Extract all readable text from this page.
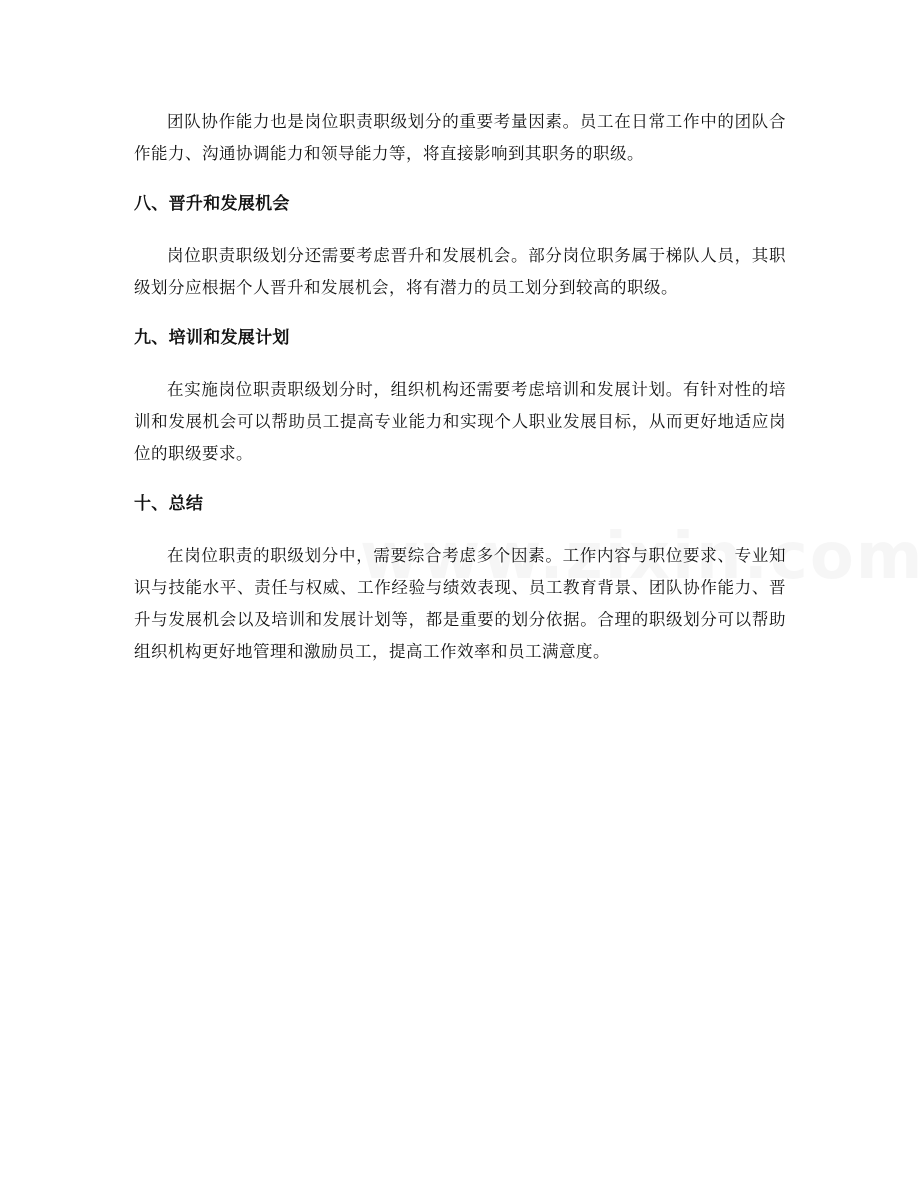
团队协作能力也是岗位职责职级划分的重要考量因素。员工在日常工作中的团队合作能力、沟通协调能力和领导能力等，将直接影响到其职务的职级。

八、晋升和发展机会

岗位职责职级划分还需要考虑晋升和发展机会。部分岗位职务属于梯队人员，其职级划分应根据个人晋升和发展机会，将有潜力的员工划分到较高的职级。

九、培训和发展计划

在实施岗位职责职级划分时，组织机构还需要考虑培训和发展计划。有针对性的培训和发展机会可以帮助员工提高专业能力和实现个人职业发展目标，从而更好地适应岗位的职级要求。

十、总结

在岗位职责的职级划分中，需要综合考虑多个因素。工作内容与职位要求、专业知识与技能水平、责任与权威、工作经验与绩效表现、员工教育背景、团队协作能力、晋升与发展机会以及培训和发展计划等，都是重要的划分依据。合理的职级划分可以帮助组织机构更好地管理和激励员工，提高工作效率和员工满意度。
